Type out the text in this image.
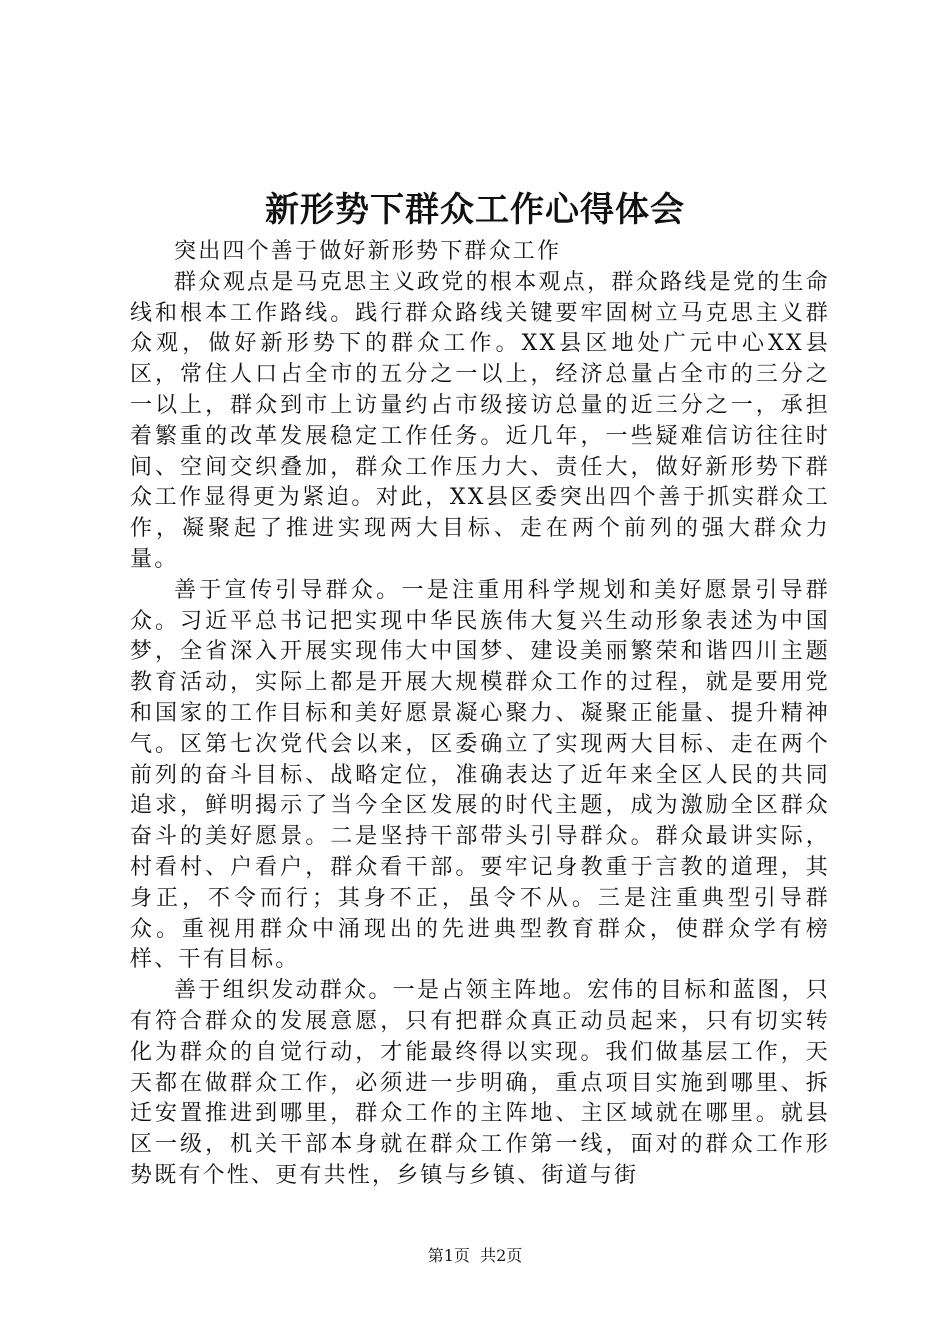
新形势下群众工作心得体会

突出四个善于做好新形势下群众工作

群众观点是马克思主义政党的根本观点，群众路线是党的生命线和根本工作路线。践行群众路线关键要牢固树立马克思主义群众观，做好新形势下的群众工作。XX县区地处广元中心XX县区，常住人口占全市的五分之一以上，经济总量占全市的三分之一以上，群众到市上访量约占市级接访总量的近三分之一，承担着繁重的改革发展稳定工作任务。近几年，一些疑难信访往往时间、空间交织叠加，群众工作压力大、责任大，做好新形势下群众工作显得更为紧迫。对此，XX县区委突出四个善于抓实群众工作，凝聚起了推进实现两大目标、走在两个前列的强大群众力量。

善于宣传引导群众。一是注重用科学规划和美好愿景引导群众。习近平总书记把实现中华民族伟大复兴生动形象表述为中国梦，全省深入开展实现伟大中国梦、建设美丽繁荣和谐四川主题教育活动，实际上都是开展大规模群众工作的过程，就是要用党和国家的工作目标和美好愿景凝心聚力、凝聚正能量、提升精神气。区第七次党代会以来，区委确立了实现两大目标、走在两个前列的奋斗目标、战略定位，准确表达了近年来全区人民的共同追求，鲜明揭示了当今全区发展的时代主题，成为激励全区群众奋斗的美好愿景。二是坚持干部带头引导群众。群众最讲实际，村看村、户看户，群众看干部。要牢记身教重于言教的道理，其身正，不令而行；其身不正，虽令不从。三是注重典型引导群众。重视用群众中涌现出的先进典型教育群众，使群众学有榜样、干有目标。

善于组织发动群众。一是占领主阵地。宏伟的目标和蓝图，只有符合群众的发展意愿，只有把群众真正动员起来，只有切实转化为群众的自觉行动，才能最终得以实现。我们做基层工作，天天都在做群众工作，必须进一步明确，重点项目实施到哪里、拆迁安置推进到哪里，群众工作的主阵地、主区域就在哪里。就县区一级，机关干部本身就在群众工作第一线，面对的群众工作形势既有个性、更有共性，乡镇与乡镇、街道与街

第1页 共2页
